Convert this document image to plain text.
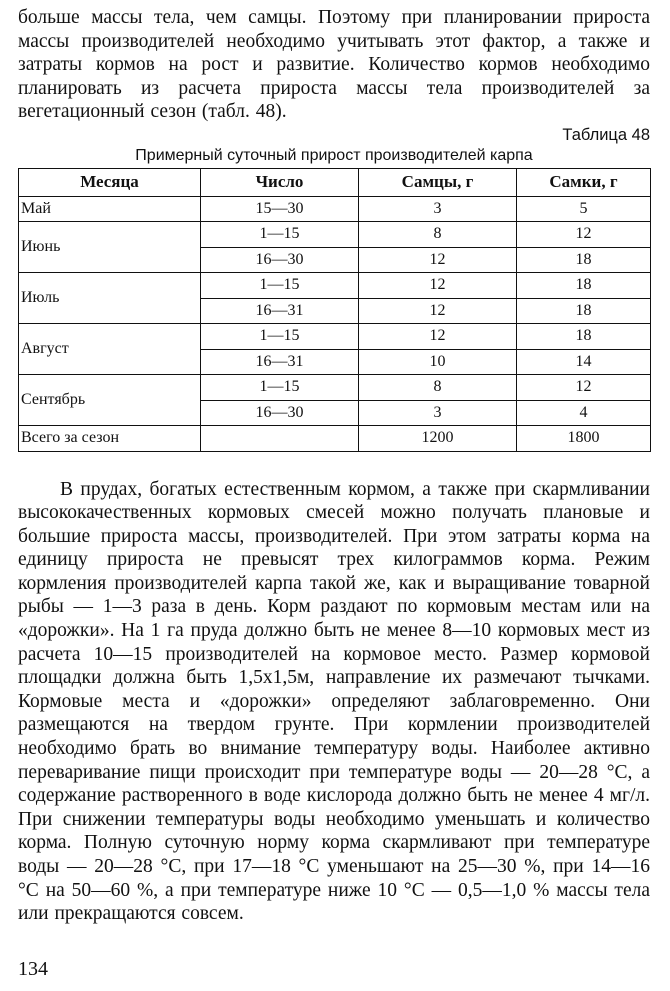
больше массы тела, чем самцы. Поэтому при планировании прироста массы производителей необходимо учитывать этот фактор, а также и затраты кормов на рост и развитие. Количество кормов необходимо планировать из расчета прироста массы тела производителей за вегетационный сезон (табл. 48).

Таблица 48
Примерный суточный прирост производителей карпа
Месяца	Число	Самцы, г	Самки, г
Май	15—30	3	5
Июнь	1—15	8	12
	16—30	12	18
Июль	1—15	12	18
	16—31	12	18
Август	1—15	12	18
	16—31	10	14
Сентябрь	1—15	8	12
	16—30	3	4
Всего за сезон		1200	1800

В прудах, богатых естественным кормом, а также при скармливании высококачественных кормовых смесей можно получать плановые и большие прироста массы, производителей. При этом затраты корма на единицу прироста не превысят трех килограммов корма. Режим кормления производителей карпа такой же, как и выращивание товарной рыбы — 1—3 раза в день. Корм раздают по кормовым местам или на «дорожки». На 1 га пруда должно быть не менее 8—10 кормовых мест из расчета 10—15 производителей на кормовое место. Размер кормовой площадки должна быть 1,5х1,5м, направление их размечают тычками. Кормовые места и «дорожки» определяют заблаговременно. Они размещаются на твердом грунте. При кормлении производителей необходимо брать во внимание температуру воды. Наиболее активно переваривание пищи происходит при температуре воды — 20—28 °С, а содержание растворенного в воде кислорода должно быть не менее 4 мг/л. При снижении температуры воды необходимо уменьшать и количество корма. Полную суточную норму корма скармливают при температуре воды — 20—28 °С, при 17—18 °С уменьшают на 25—30 %, при 14—16 °С на 50—60 %, а при температуре ниже 10 °С — 0,5—1,0 % массы тела или прекращаются совсем.

134
